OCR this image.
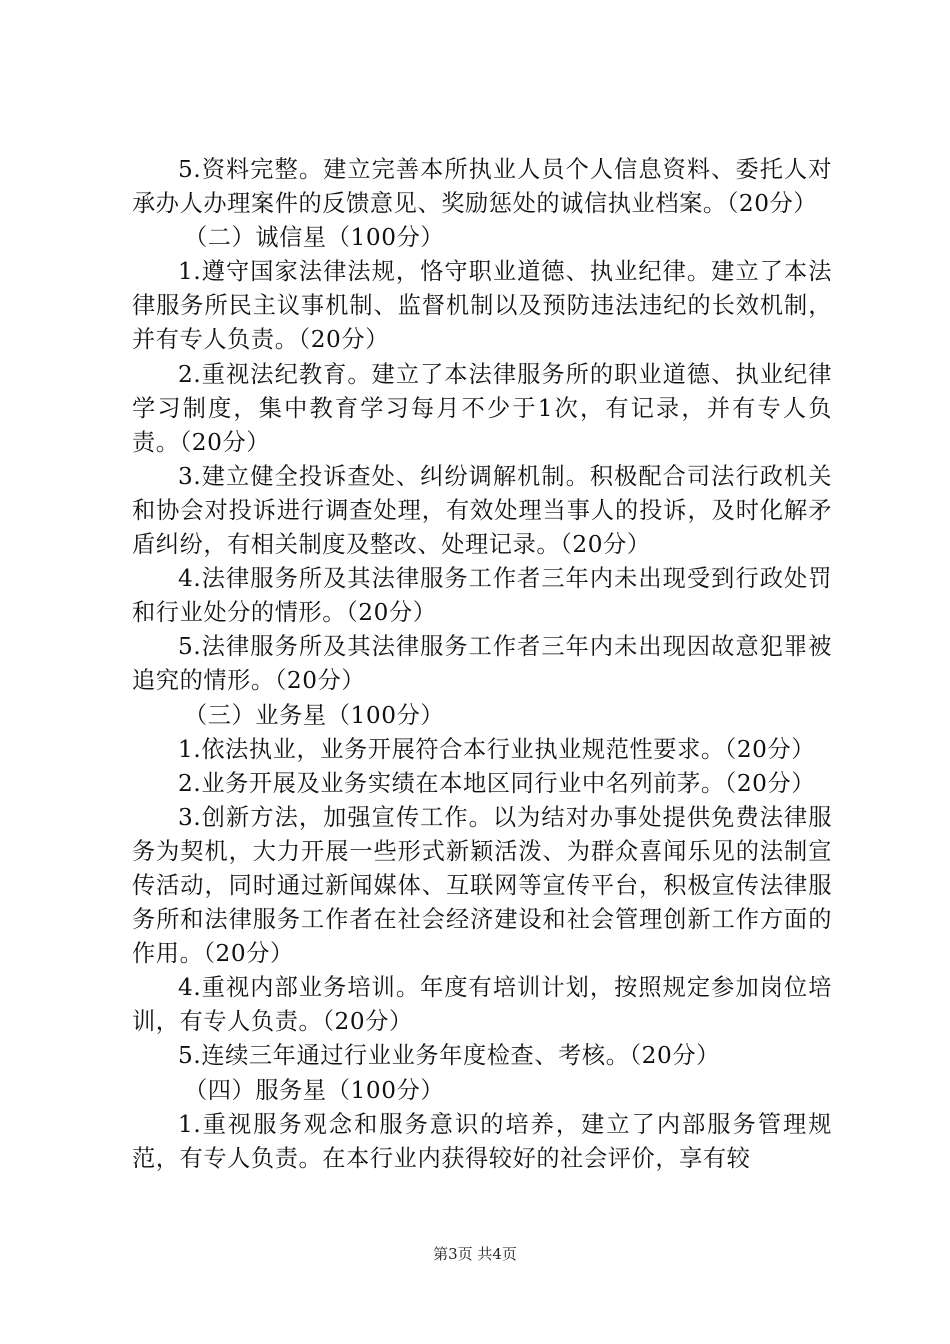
5.资料完整。建立完善本所执业人员个人信息资料、委托人对承办人办理案件的反馈意见、奖励惩处的诚信执业档案。（20分）

（二）诚信星（100分）

1.遵守国家法律法规，恪守职业道德、执业纪律。建立了本法律服务所民主议事机制、监督机制以及预防违法违纪的长效机制，并有专人负责。（20分）

2.重视法纪教育。建立了本法律服务所的职业道德、执业纪律学习制度，集中教育学习每月不少于1次，有记录，并有专人负责。（20分）

3.建立健全投诉查处、纠纷调解机制。积极配合司法行政机关和协会对投诉进行调查处理，有效处理当事人的投诉，及时化解矛盾纠纷，有相关制度及整改、处理记录。（20分）

4.法律服务所及其法律服务工作者三年内未出现受到行政处罚和行业处分的情形。（20分）

5.法律服务所及其法律服务工作者三年内未出现因故意犯罪被追究的情形。（20分）

（三）业务星（100分）

1.依法执业，业务开展符合本行业执业规范性要求。（20分）

2.业务开展及业务实绩在本地区同行业中名列前茅。（20分）

3.创新方法，加强宣传工作。以为结对办事处提供免费法律服务为契机，大力开展一些形式新颖活泼、为群众喜闻乐见的法制宣传活动，同时通过新闻媒体、互联网等宣传平台，积极宣传法律服务所和法律服务工作者在社会经济建设和社会管理创新工作方面的作用。（20分）

4.重视内部业务培训。年度有培训计划，按照规定参加岗位培训，有专人负责。（20分）

5.连续三年通过行业业务年度检查、考核。（20分）

（四）服务星（100分）

1.重视服务观念和服务意识的培养，建立了内部服务管理规范，有专人负责。在本行业内获得较好的社会评价，享有较

第3页 共4页
